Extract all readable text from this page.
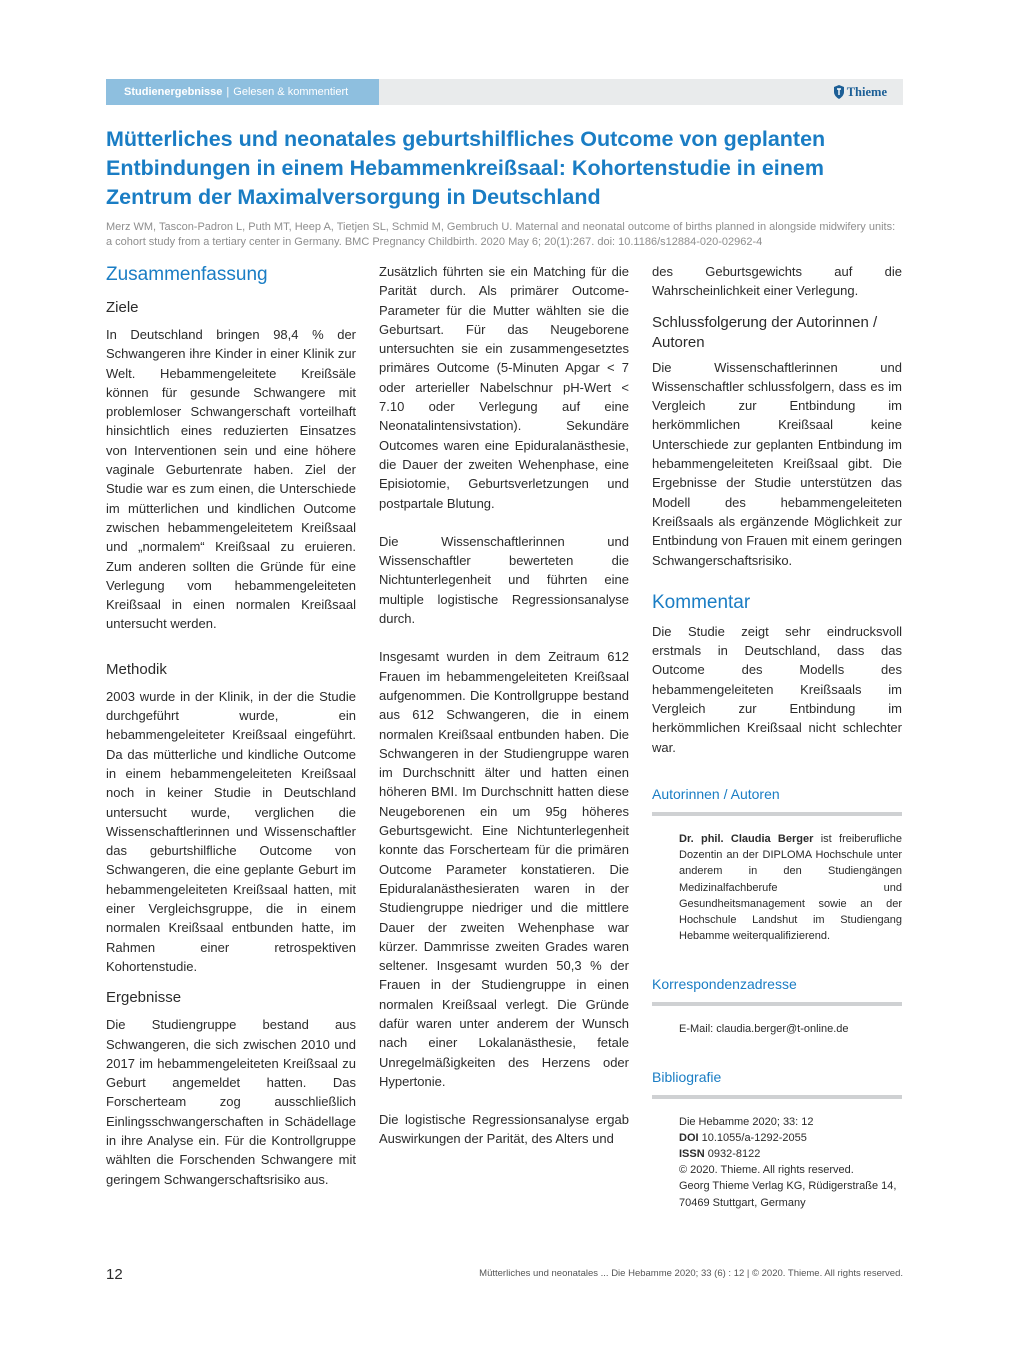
Studienergebnisse | Gelesen & kommentiert	Thieme
Mütterliches und neonatales geburtshilfliches Outcome von geplanten Entbindungen in einem Hebammenkreißsaal: Kohortenstudie in einem Zentrum der Maximalversorgung in Deutschland

Merz WM, Tascon-Padron L, Puth MT, Heep A, Tietjen SL, Schmid M, Gembruch U. Maternal and neonatal outcome of births planned in alongside midwifery units: a cohort study from a tertiary center in Germany. BMC Pregnancy Childbirth. 2020 May 6; 20(1):267. doi: 10.1186/s12884-020-02962-4

Zusammenfassung
Ziele

In Deutschland bringen 98,4 % der Schwangeren ihre Kinder in einer Klinik zur Welt. Hebammengeleitete Kreißsäle können für gesunde Schwangere mit problemloser Schwangerschaft vorteilhaft hinsichtlich eines reduzierten Einsatzes von Interventionen sein und eine höhere vaginale Geburtenrate haben. Ziel der Studie war es zum einen, die Unterschiede im mütterlichen und kindlichen Outcome zwischen hebammengeleitetem Kreißsaal und „normalem“ Kreißsaal zu eruieren. Zum anderen sollten die Gründe für eine Verlegung vom hebammengeleiteten Kreißsaal in einen normalen Kreißsaal untersucht werden.

Methodik

2003 wurde in der Klinik, in der die Studie durchgeführt wurde, ein hebammengeleiteter Kreißsaal eingeführt. Da das mütterliche und kindliche Outcome in einem hebammengeleiteten Kreißsaal noch in keiner Studie in Deutschland untersucht wurde, verglichen die Wissenschaftlerinnen und Wissenschaftler das geburtshilfliche Outcome von Schwangeren, die eine geplante Geburt im hebammengeleiteten Kreißsaal hatten, mit einer Vergleichsgruppe, die in einem normalen Kreißsaal entbunden hatte, im Rahmen einer retrospektiven Kohortenstudie.

Ergebnisse

Die Studiengruppe bestand aus Schwangeren, die sich zwischen 2010 und 2017 im hebammengeleiteten Kreißsaal zu Geburt angemeldet hatten. Das Forscherteam zog ausschließlich Einlingsschwangerschaften in Schädellage in ihre Analyse ein. Für die Kontrollgruppe wählten die Forschenden Schwangere mit geringem Schwangerschaftsrisiko aus.

Zusätzlich führten sie ein Matching für die Parität durch. Als primärer Outcome-Parameter für die Mutter wählten sie die Geburtsart. Für das Neugeborene untersuchten sie ein zusammengesetztes primäres Outcome (5-Minuten Apgar < 7 oder arterieller Nabelschnur pH-Wert < 7.10 oder Verlegung auf eine Neonatalintensivstation). Sekundäre Outcomes waren eine Epiduralanästhesie, die Dauer der zweiten Wehenphase, eine Episiotomie, Geburtsverletzungen und postpartale Blutung.

Die Wissenschaftlerinnen und Wissenschaftler bewerteten die Nichtunterlegenheit und führten eine multiple logistische Regressionsanalyse durch.

Insgesamt wurden in dem Zeitraum 612 Frauen im hebammengeleiteten Kreißsaal aufgenommen. Die Kontrollgruppe bestand aus 612 Schwangeren, die in einem normalen Kreißsaal entbunden haben. Die Schwangeren in der Studiengruppe waren im Durchschnitt älter und hatten einen höheren BMI. Im Durchschnitt hatten diese Neugeborenen ein um 95g höheres Geburtsgewicht. Eine Nichtunterlegenheit konnte das Forscherteam für die primären Outcome Parameter konstatieren. Die Epiduralanästhesieraten waren in der Studiengruppe niedriger und die mittlere Dauer der zweiten Wehenphase war kürzer. Dammrisse zweiten Grades waren seltener. Insgesamt wurden 50,3 % der Frauen in der Studiengruppe in einen normalen Kreißsaal verlegt. Die Gründe dafür waren unter anderem der Wunsch nach einer Lokalanästhesie, fetale Unregelmäßigkeiten des Herzens oder Hypertonie.

Die logistische Regressionsanalyse ergab Auswirkungen der Parität, des Alters und

des Geburtsgewichts auf die Wahrscheinlichkeit einer Verlegung.

Schlussfolgerung der Autorinnen / Autoren

Die Wissenschaftlerinnen und Wissenschaftler schlussfolgern, dass es im Vergleich zur Entbindung im herkömmlichen Kreißsaal keine Unterschiede zur geplanten Entbindung im hebammengeleiteten Kreißsaal gibt. Die Ergebnisse der Studie unterstützen das Modell des hebammengeleiteten Kreißsaals als ergänzende Möglichkeit zur Entbindung von Frauen mit einem geringen Schwangerschaftsrisiko.

Kommentar

Die Studie zeigt sehr eindrucksvoll erstmals in Deutschland, dass das Outcome des Modells des hebammengeleiteten Kreißsaals im Vergleich zur Entbindung im herkömmlichen Kreißsaal nicht schlechter war.

Autorinnen / Autoren

Dr. phil. Claudia Berger ist freiberufliche Dozentin an der DIPLOMA Hochschule unter anderem in den Studiengängen Medizinalfachberufe und Gesundheitsmanagement sowie an der Hochschule Landshut im Studiengang Hebamme weiterqualifizierend.

Korrespondenzadresse

E-Mail: claudia.berger@t-online.de

Bibliografie

Die Hebamme 2020; 33: 12

DOI 10.1055/a-1292-2055

ISSN 0932-8122

© 2020. Thieme. All rights reserved.

Georg Thieme Verlag KG, Rüdigerstraße 14,

70469 Stuttgart, Germany

12	Mütterliches und neonatales ... Die Hebamme 2020; 33 (6) : 12 | © 2020. Thieme. All rights reserved.
